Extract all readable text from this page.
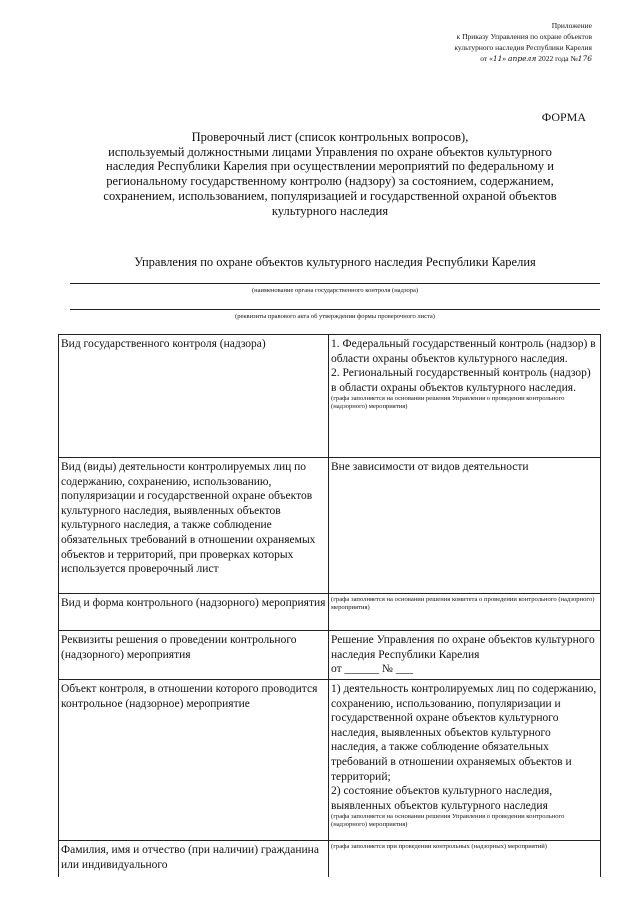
Приложение
к Приказу Управления по охране объектов
культурного наследия Республики Карелия
от «11» апреля 2022 года №176
ФОРМА
Проверочный лист (список контрольных вопросов),
используемый должностными лицами Управления по охране объектов культурного
наследия Республики Карелия при осуществлении мероприятий по федеральному и
региональному государственному контролю (надзору) за состоянием, содержанием,
сохранением, использованием, популяризацией и государственной охраной объектов
культурного наследия
Управления по охране объектов культурного наследия Республики Карелия
(наименование органа государственного контроля (надзора)
(реквизиты правового акта об утверждении формы проверочного листа)
Вид государственного контроля (надзора)	1. Федеральный государственный контроль (надзор) в области охраны объектов культурного наследия.
2. Региональный государственный контроль (надзор) в области охраны объектов культурного наследия.
(графа заполняется на основании решения Управления о проведении контрольного (надзорного) мероприятия)
Вид (виды) деятельности контролируемых лиц по содержанию, сохранению, использованию, популяризации и государственной охране объектов культурного наследия, выявленных объектов культурного наследия, а также соблюдение обязательных требований в отношении охраняемых объектов и территорий, при проверках которых используется проверочный лист
Вне зависимости от видов деятельности
Вид и форма контрольного (надзорного) мероприятия (графа заполняется на основании решения комитета о проведении контрольного (надзорного) мероприятия)
Реквизиты решения о проведении контрольного (надзорного) мероприятия
Решение Управления по охране объектов культурного наследия Республики Карелия
от ______ № ___
Объект контроля, в отношении которого проводится контрольное (надзорное) мероприятие
1) деятельность контролируемых лиц по содержанию, сохранению, использованию, популяризации и государственной охране объектов культурного наследия, выявленных объектов культурного наследия, а также соблюдение обязательных требований в отношении охраняемых объектов и территорий;
2) состояние объектов культурного наследия, выявленных объектов культурного наследия
(графа заполняется на основании решения Управления о проведении контрольного (надзорного) мероприятия)
Фамилия, имя и отчество (при наличии) гражданина или индивидуального
(графа заполняется при проведении контрольных (надзорных) мероприятий)
